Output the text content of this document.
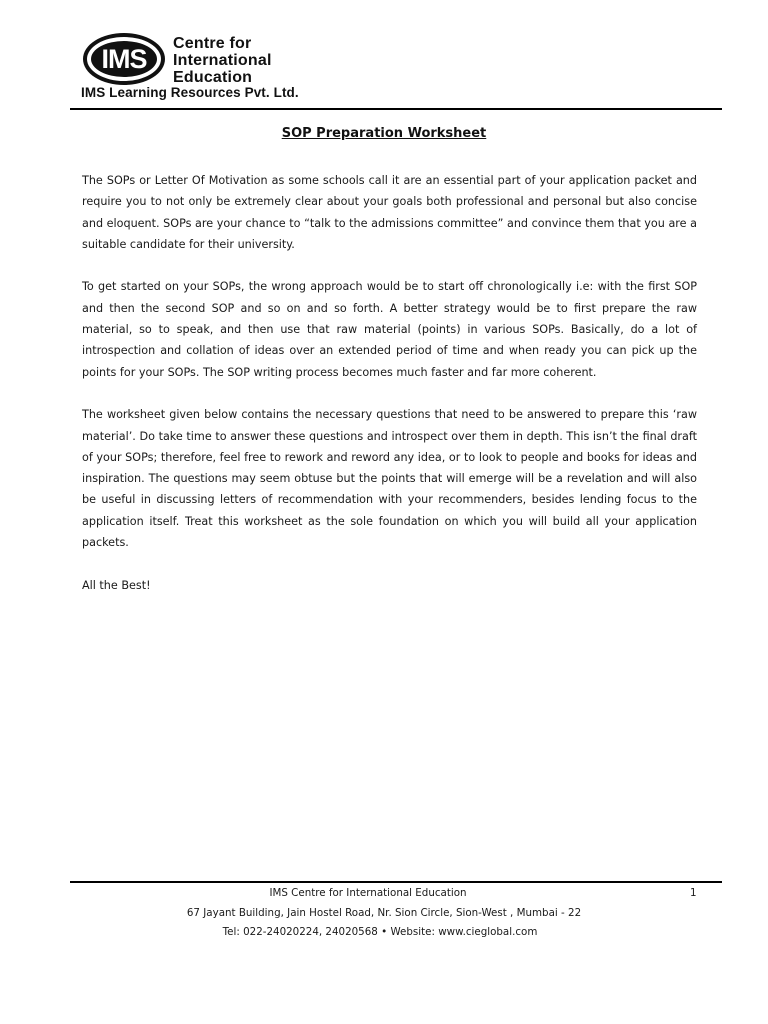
IMS
Centre for
International
Education
IMS Learning Resources Pvt. Ltd.
SOP Preparation Worksheet

The SOPs or Letter Of Motivation as some schools call it are an essential part of your application packet and require you to not only be extremely clear about your goals both professional and personal but also concise and eloquent. SOPs are your chance to “talk to the admissions committee” and convince them that you are a suitable candidate for their university.

To get started on your SOPs, the wrong approach would be to start off chronologically i.e: with the first SOP and then the second SOP and so on and so forth. A better strategy would be to first prepare the raw material, so to speak, and then use that raw material (points) in various SOPs. Basically, do a lot of introspection and collation of ideas over an extended period of time and when ready you can pick up the points for your SOPs. The SOP writing process becomes much faster and far more coherent.

The worksheet given below contains the necessary questions that need to be answered to prepare this ‘raw material’. Do take time to answer these questions and introspect over them in depth. This isn’t the final draft of your SOPs; therefore, feel free to rework and reword any idea, or to look to people and books for ideas and inspiration. The questions may seem obtuse but the points that will emerge will be a revelation and will also be useful in discussing letters of recommendation with your recommenders, besides lending focus to the application itself. Treat this worksheet as the sole foundation on which you will build all your application packets.

All the Best!

IMS Centre for International Education	1
67 Jayant Building, Jain Hostel Road, Nr. Sion Circle, Sion-West , Mumbai - 22
Tel: 022-24020224, 24020568 • Website: www.cieglobal.com
